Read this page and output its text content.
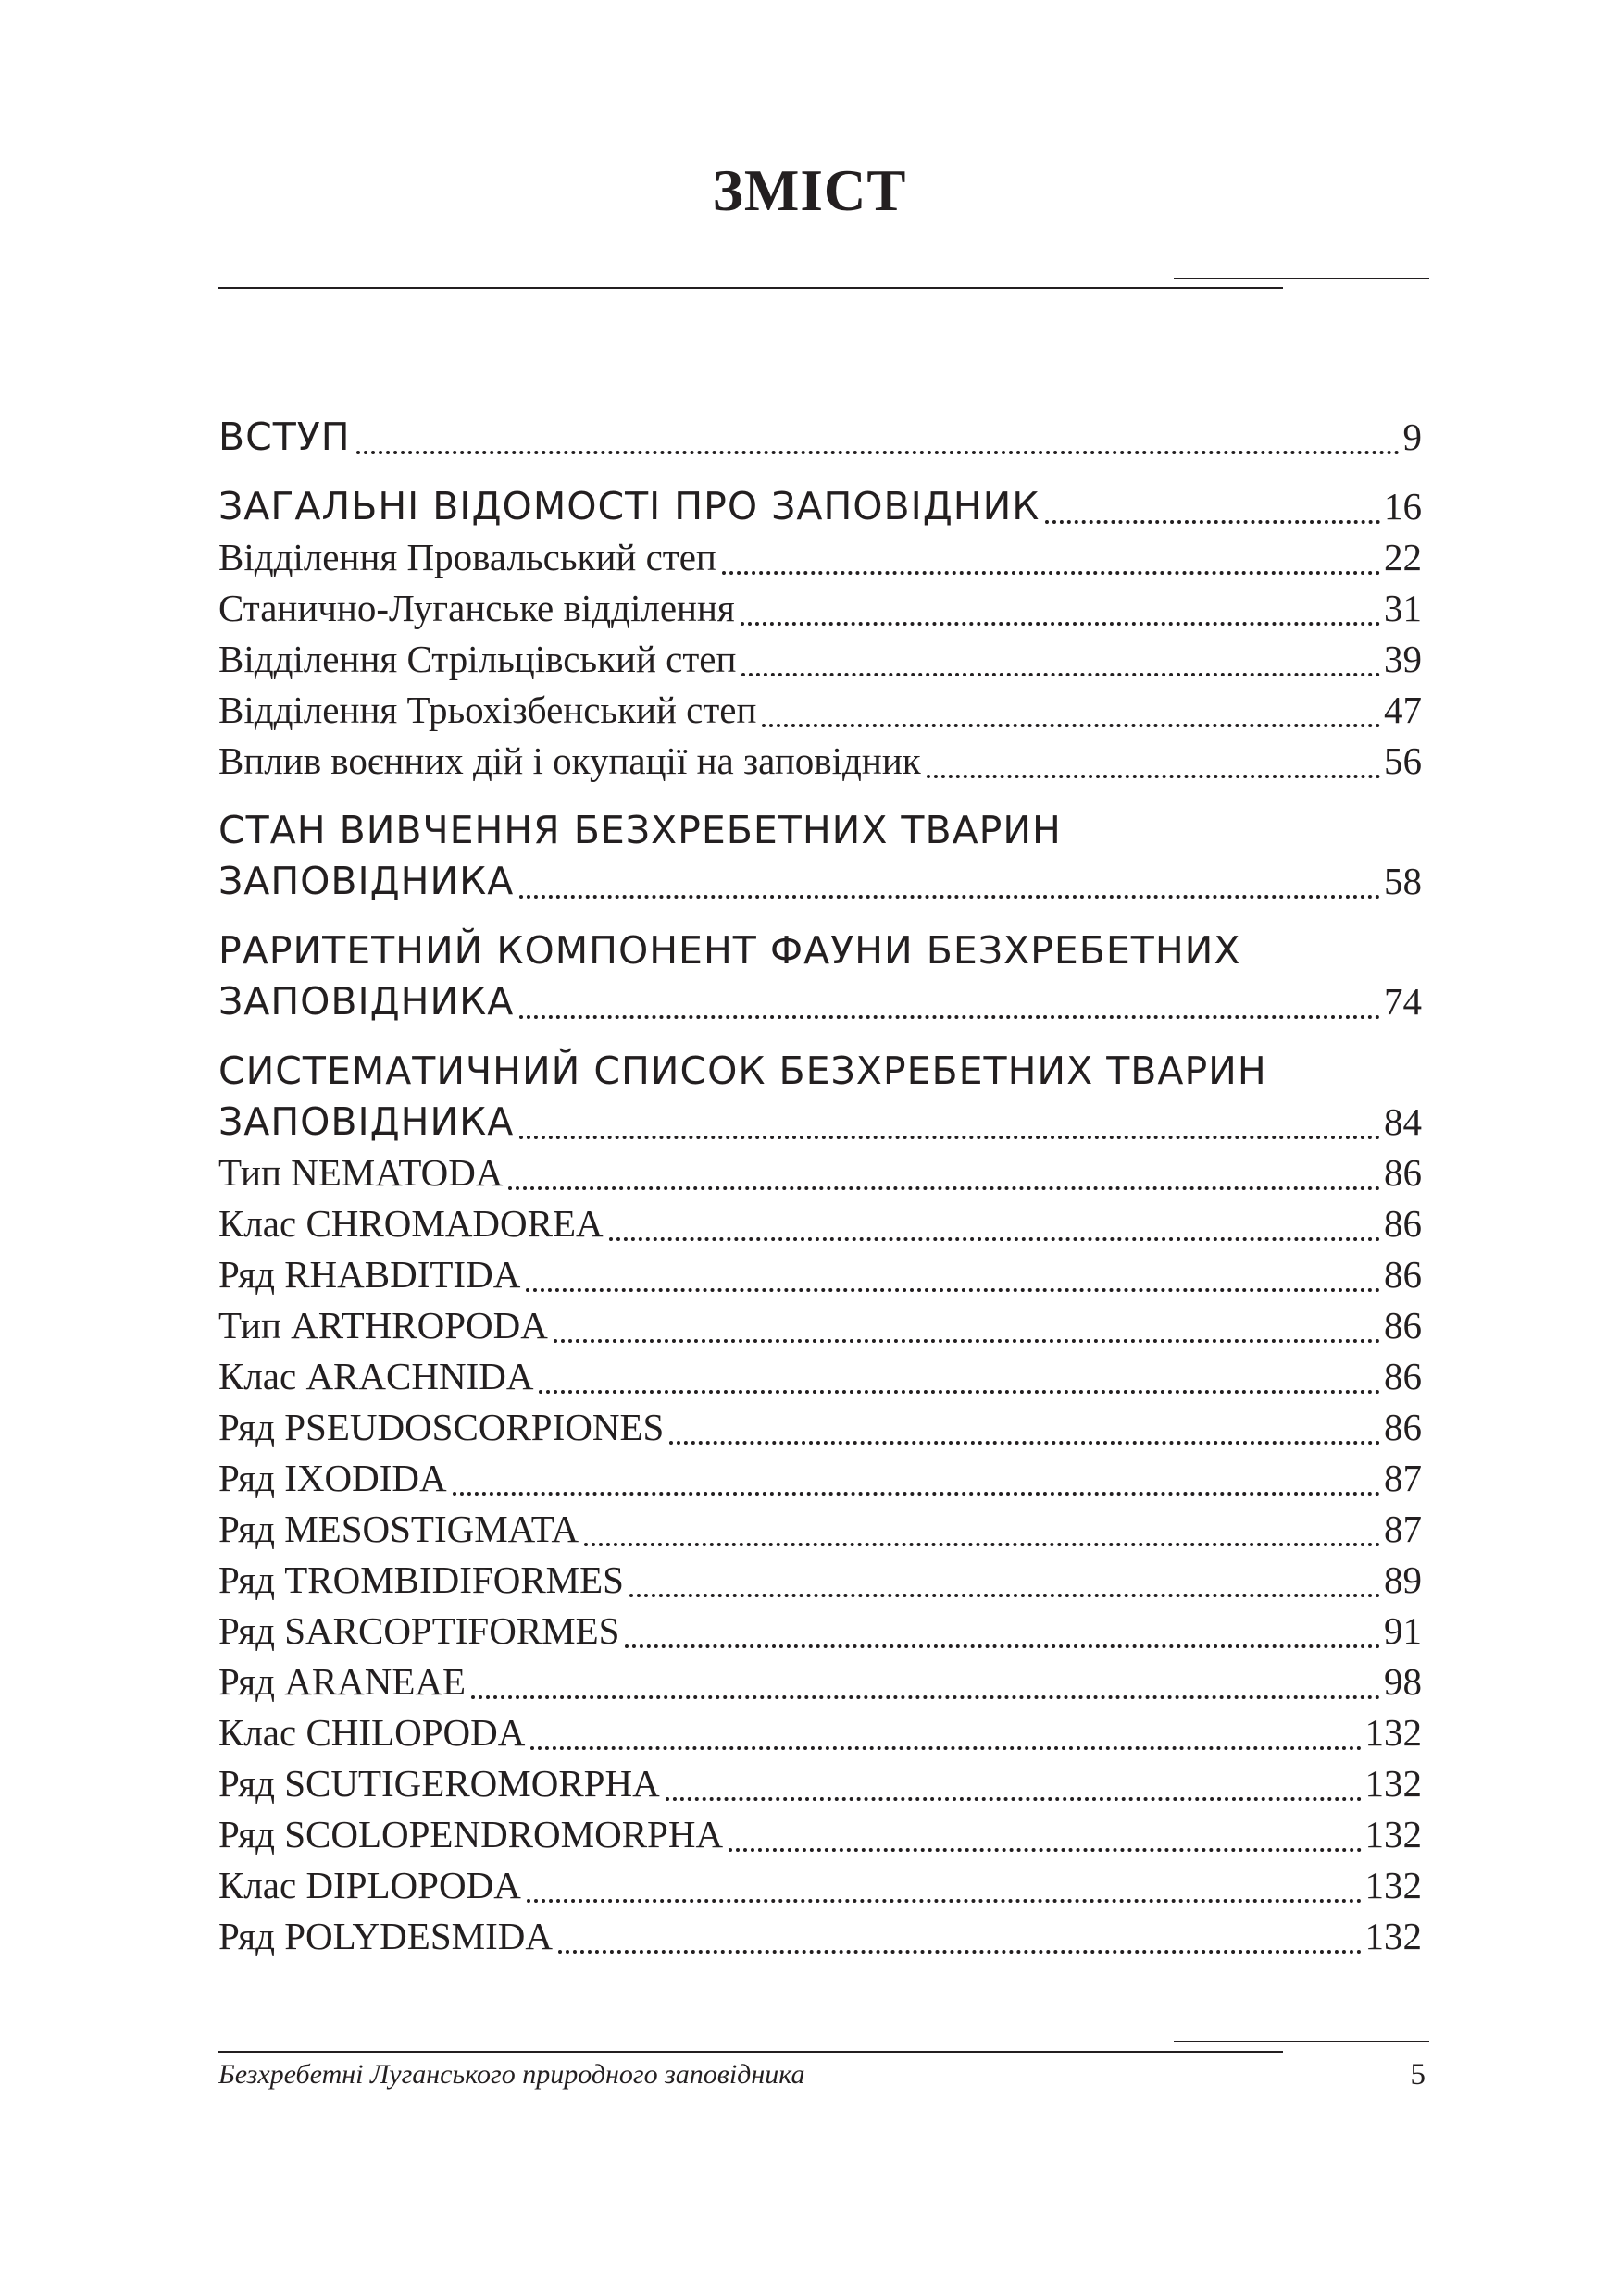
ЗМІСТ
ВСТУП	9
ЗАГАЛЬНІ ВІДОМОСТІ ПРО ЗАПОВІДНИК	16
Відділення Провальський степ	22
Станично-Луганське відділення	31
Відділення Стрільцівський степ	39
Відділення Трьохізбенський степ	47
Вплив воєнних дій і окупації на заповідник	56
СТАН ВИВЧЕННЯ БЕЗХРЕБЕТНИХ ТВАРИН
ЗАПОВІДНИКА	58
РАРИТЕТНИЙ КОМПОНЕНТ ФАУНИ БЕЗХРЕБЕТНИХ
ЗАПОВІДНИКА	74
СИСТЕМАТИЧНИЙ СПИСОК БЕЗХРЕБЕТНИХ ТВАРИН
ЗАПОВІДНИКА	84
Тип NEMATODA	86
Клас CHROMADOREA	86
Ряд RHABDITIDA	86
Тип ARTHROPODA	86
Клас ARACHNIDA	86
Ряд PSEUDOSCORPIONES	86
Ряд IXODIDA	87
Ряд MESOSTIGMATA	87
Ряд TROMBIDIFORMES	89
Ряд SARCOPTIFORMES	91
Ряд ARANEAE	98
Клас CHILOPODA	132
Ряд SCUTIGEROMORPHA	132
Ряд SCOLOPENDROMORPHA	132
Клас DIPLOPODA	132
Ряд POLYDESMIDA	132
Безхребетні Луганського природного заповідника	5
